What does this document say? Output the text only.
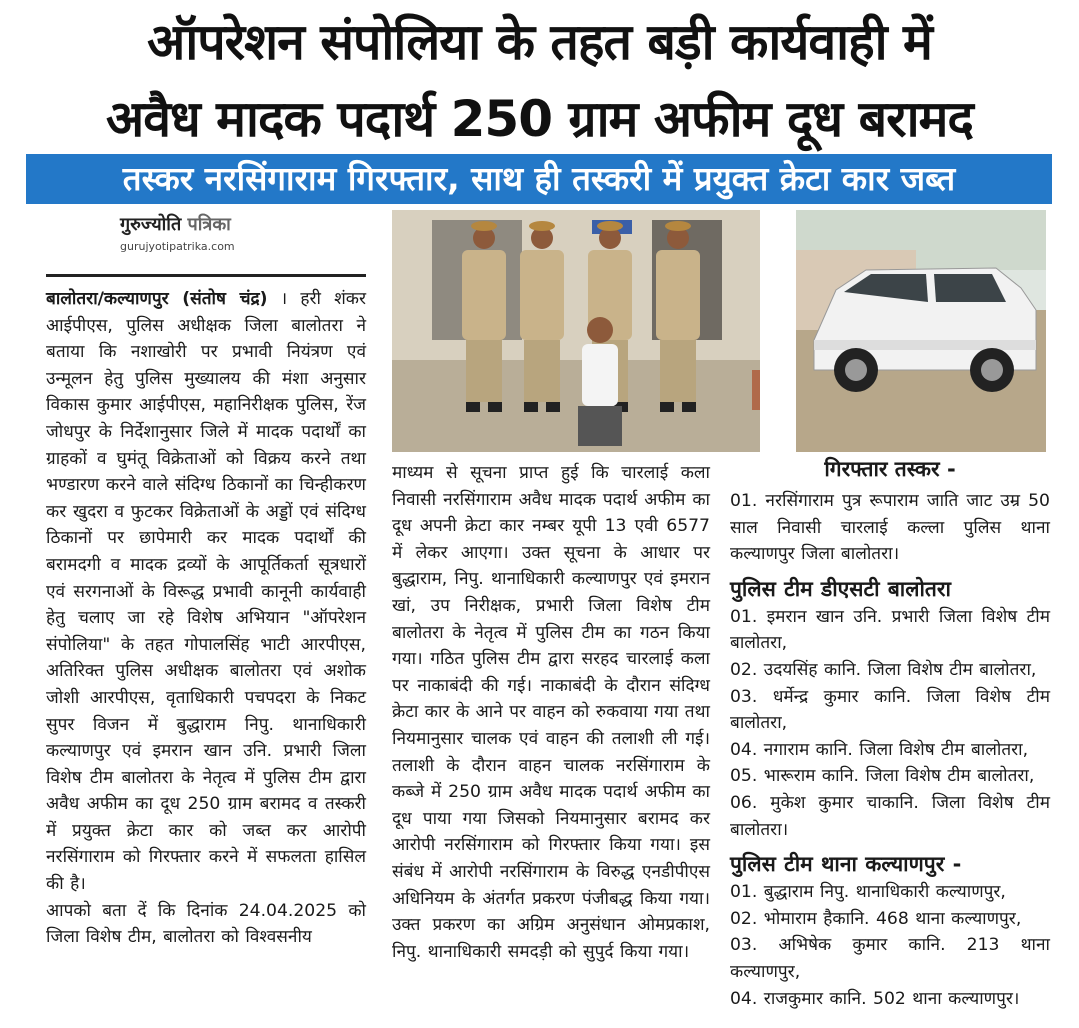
ऑपरेशन संपोलिया के तहत बड़ी कार्यवाही में
अवैध मादक पदार्थ 250 ग्राम अफीम दूध बरामद
तस्कर नरसिंगाराम गिरफ्तार, साथ ही तस्करी में प्रयुक्त क्रेटा कार जब्त
गुरुज्योति पत्रिका
gurujyotipatrika.com

बालोतरा/कल्याणपुर (संतोष चंद्र) । हरी शंकर आईपीएस, पुलिस अधीक्षक जिला बालोतरा ने बताया कि नशाखोरी पर प्रभावी नियंत्रण एवं उन्मूलन हेतु पुलिस मुख्यालय की मंशा अनुसार विकास कुमार आईपीएस, महानिरीक्षक पुलिस, रेंज जोधपुर के निर्देशानुसार जिले में मादक पदार्थों का ग्राहकों व घुमंतू विक्रेताओं को विक्रय करने तथा भण्डारण करने वाले संदिग्ध ठिकानों का चिन्हीकरण कर खुदरा व फुटकर विक्रेताओं के अड्डों एवं संदिग्ध ठिकानों पर छापेमारी कर मादक पदार्थों की बरामदगी व मादक द्रव्यों के आपूर्तिकर्ता सूत्रधारों एवं सरगनाओं के विरूद्ध प्रभावी कानूनी कार्यवाही हेतु चलाए जा रहे विशेष अभियान "ऑपरेशन संपोलिया" के तहत गोपालसिंह भाटी आरपीएस, अतिरिक्त पुलिस अधीक्षक बालोतरा एवं अशोक जोशी आरपीएस, वृताधिकारी पचपदरा के निकट सुपर विजन में बुद्धाराम निपु. थानाधिकारी कल्याणपुर एवं इमरान खान उनि. प्रभारी जिला विशेष टीम बालोतरा के नेतृत्व में पुलिस टीम द्वारा अवैध अफीम का दूध 250 ग्राम बरामद व तस्करी में प्रयुक्त क्रेटा कार को जब्त कर आरोपी नरसिंगाराम को गिरफ्तार करने में सफलता हासिल की है।

आपको बता दें कि दिनांक 24.04.2025 को जिला विशेष टीम, बालोतरा को विश्वसनीय

माध्यम से सूचना प्राप्त हुई कि चारलाई कला निवासी नरसिंगाराम अवैध मादक पदार्थ अफीम का दूध अपनी क्रेटा कार नम्बर यूपी 13 एवी 6577 में लेकर आएगा। उक्त सूचना के आधार पर बुद्धाराम, निपु. थानाधिकारी कल्याणपुर एवं इमरान खां, उप निरीक्षक, प्रभारी जिला विशेष टीम बालोतरा के नेतृत्व में पुलिस टीम का गठन किया गया। गठित पुलिस टीम द्वारा सरहद चारलाई कला पर नाकाबंदी की गई। नाकाबंदी के दौरान संदिग्ध क्रेटा कार के आने पर वाहन को रुकवाया गया तथा नियमानुसार चालक एवं वाहन की तलाशी ली गई। तलाशी के दौरान वाहन चालक नरसिंगाराम के कब्जे में 250 ग्राम अवैध मादक पदार्थ अफीम का दूध पाया गया जिसको नियमानुसार बरामद कर आरोपी नरसिंगाराम को गिरफ्तार किया गया। इस संबंध में आरोपी नरसिंगाराम के विरुद्ध एनडीपीएस अधिनियम के अंतर्गत प्रकरण पंजीबद्ध किया गया। उक्त प्रकरण का अग्रिम अनुसंधान ओमप्रकाश, निपु. थानाधिकारी समदड़ी को सुपुर्द किया गया।

गिरफ्तार तस्कर -
01. नरसिंगाराम पुत्र रूपाराम जाति जाट उम्र 50 साल निवासी चारलाई कल्ला पुलिस थाना कल्याणपुर जिला बालोतरा।
पुलिस टीम डीएसटी बालोतरा
01. इमरान खान उनि. प्रभारी जिला विशेष टीम बालोतरा,
02. उदयसिंह कानि. जिला विशेष टीम बालोतरा,
03. धर्मेन्द्र कुमार कानि. जिला विशेष टीम बालोतरा,
04. नगाराम कानि. जिला विशेष टीम बालोतरा,
05. भारूराम कानि. जिला विशेष टीम बालोतरा,
06. मुकेश कुमार चाकानि. जिला विशेष टीम बालोतरा।
पुलिस टीम थाना कल्याणपुर -
01. बुद्धाराम निपु. थानाधिकारी कल्याणपुर,
02. भोमाराम हैकानि. 468 थाना कल्याणपुर,
03. अभिषेक कुमार कानि. 213 थाना कल्याणपुर,
04. राजकुमार कानि. 502 थाना कल्याणपुर।
